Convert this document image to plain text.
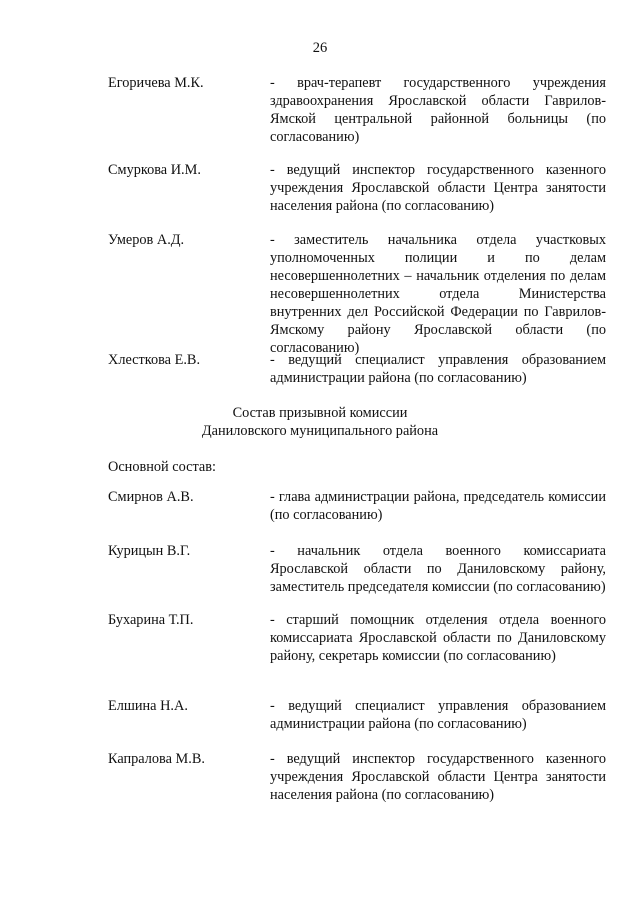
26
Егоричева М.К.	- врач-терапевт государственного учреждения здравоохранения Ярославской области Гаврилов-Ямской центральной районной больницы (по согласованию)
Смуркова И.М.	- ведущий инспектор государственного казенного учреждения Ярославской области Центра занятости населения района (по согласованию)
Умеров А.Д.	- заместитель начальника отдела участковых уполномоченных полиции и по делам несовершеннолетних – начальник отделения по делам несовершеннолетних отдела Министерства внутренних дел Российской Федерации по Гаврилов-Ямскому району Ярославской области (по согласованию)
Хлесткова Е.В.	- ведущий специалист управления образованием администрации района (по согласованию)
Состав призывной комиссии
Даниловского муниципального района
Основной состав:
Смирнов А.В.	- глава администрации района, председатель комиссии (по согласованию)
Курицын В.Г.	- начальник отдела военного комиссариата Ярославской области по Даниловскому району, заместитель председателя комиссии (по согласованию)
Бухарина Т.П.	- старший помощник отделения отдела военного комиссариата Ярославской области по Даниловскому району, секретарь комиссии (по согласованию)
Елшина Н.А.	- ведущий специалист управления образованием администрации района (по согласованию)
Капралова М.В.	- ведущий инспектор государственного казенного учреждения Ярославской области Центра занятости населения района (по согласованию)
